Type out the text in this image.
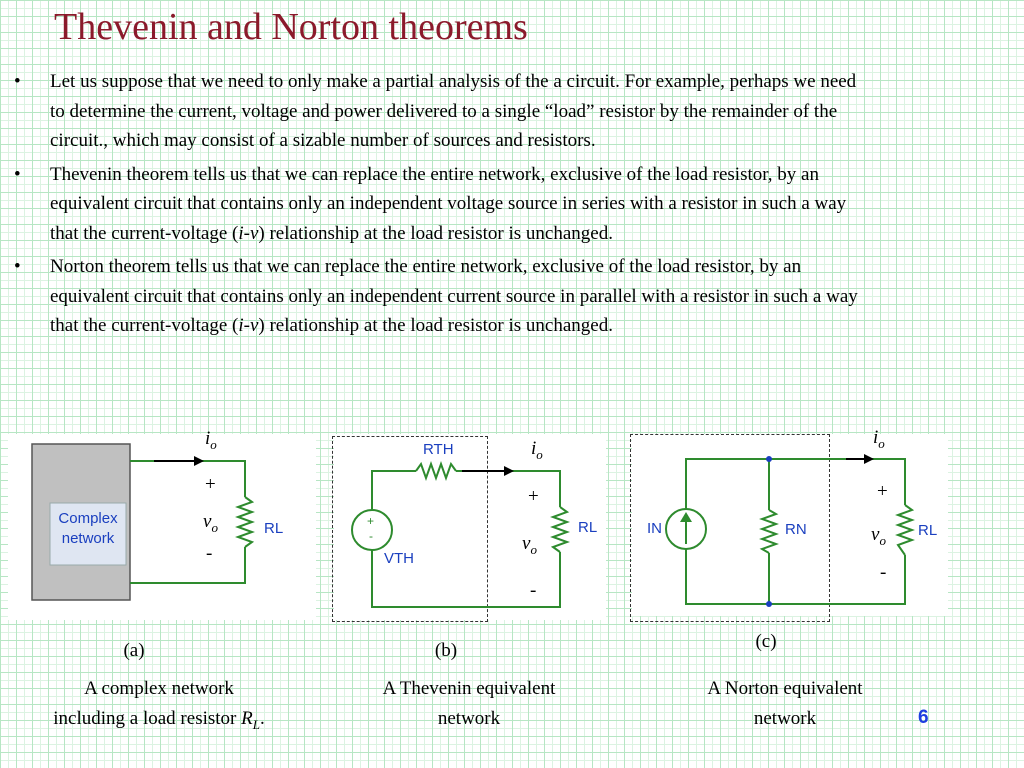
Thevenin and Norton theorems
• Let us suppose that we need to only make a partial analysis of the a circuit. For example, perhaps we need to determine the current, voltage and power delivered to a single “load” resistor by the remainder of the circuit., which may consist of a sizable number of sources and resistors.
• Thevenin theorem tells us that we can replace the entire network, exclusive of the load resistor, by an equivalent circuit that contains only an independent voltage source in series with a resistor in such a way that the current-voltage (i-v) relationship at the load resistor is unchanged.
• Norton theorem tells us that we can replace the entire network, exclusive of the load resistor, by an equivalent circuit that contains only an independent current source in parallel with a resistor in such a way that the current-voltage (i-v) relationship at the load resistor is unchanged.
Complex
network
$i_o$
+
$v_o$
-
RL
RTH
+
-
VTH
$i_o$
+
$v_o$
-
RL	IN	RN
$i_o$
+
$v_o$
-
RL
(a)	(b)	(c)
A complex network
including a load resistor $R_L$.
A Thevenin equivalent
network
A Norton equivalent
network	6
